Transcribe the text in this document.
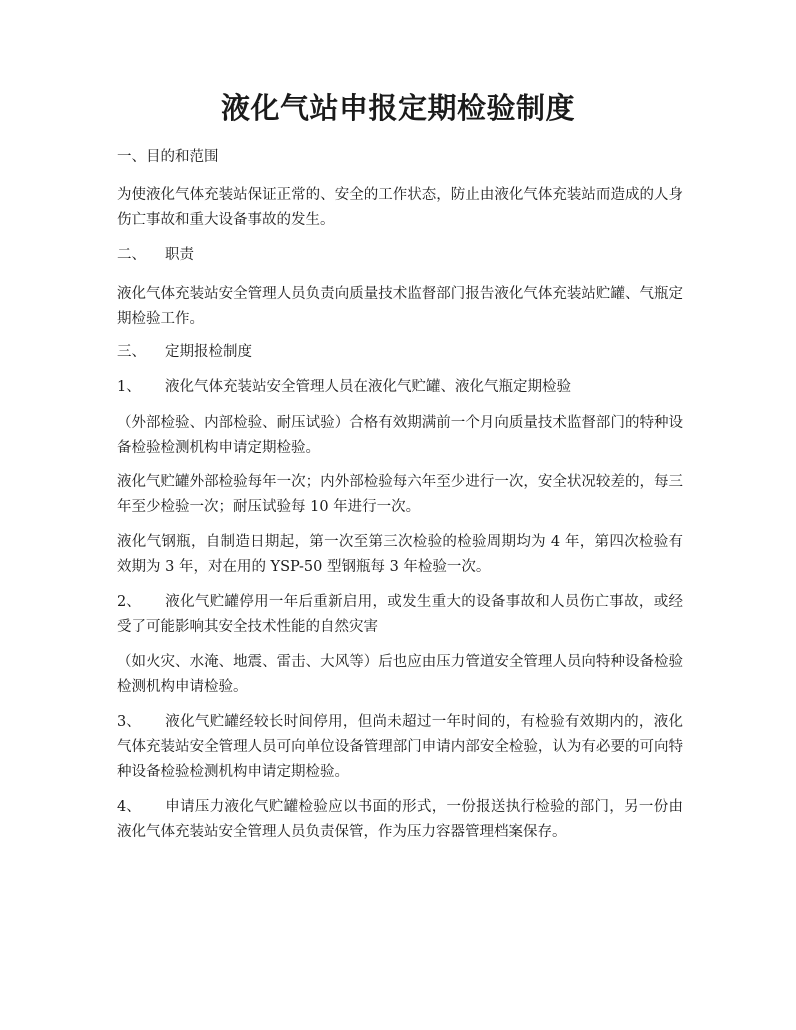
液化气站申报定期检验制度
一、目的和范围
为使液化气体充装站保证正常的、安全的工作状态，防止由液化气体充装站而造成的人身伤亡事故和重大设备事故的发生。
二、 职责
液化气体充装站安全管理人员负责向质量技术监督部门报告液化气体充装站贮罐、气瓶定期检验工作。
三、 定期报检制度
1、 液化气体充装站安全管理人员在液化气贮罐、液化气瓶定期检验
（外部检验、内部检验、耐压试验）合格有效期满前一个月向质量技术监督部门的特种设备检验检测机构申请定期检验。
液化气贮罐外部检验每年一次；内外部检验每六年至少进行一次，安全状况较差的，每三年至少检验一次；耐压试验每 10 年进行一次。
液化气钢瓶，自制造日期起，第一次至第三次检验的检验周期均为 4 年，第四次检验有效期为 3 年，对在用的 YSP-50 型钢瓶每 3 年检验一次。
2、 液化气贮罐停用一年后重新启用，或发生重大的设备事故和人员伤亡事故，或经受了可能影响其安全技术性能的自然灾害
（如火灾、水淹、地震、雷击、大风等）后也应由压力管道安全管理人员向特种设备检验检测机构申请检验。
3、 液化气贮罐经较长时间停用，但尚未超过一年时间的，有检验有效期内的，液化气体充装站安全管理人员可向单位设备管理部门申请内部安全检验，认为有必要的可向特种设备检验检测机构申请定期检验。
4、 申请压力液化气贮罐检验应以书面的形式，一份报送执行检验的部门，另一份由液化气体充装站安全管理人员负责保管，作为压力容器管理档案保存。
